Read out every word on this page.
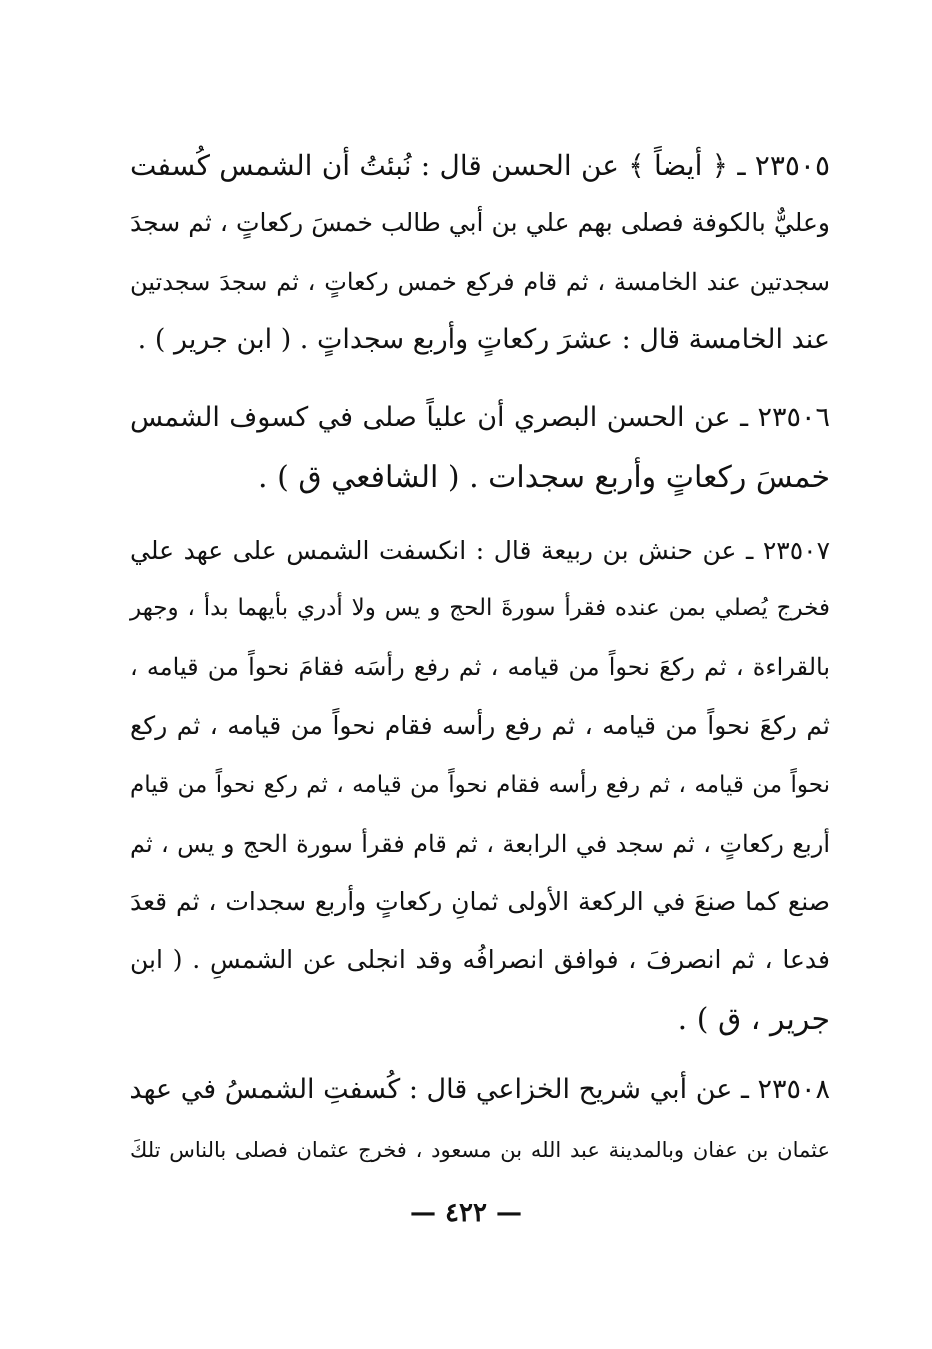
٢٣٥٠٥ ـ ﴿ أيضاً ﴾ عن الحسن قال : نُبئتُ أن الشمس كُسفت
وعليٌّ بالكوفة فصلى بهم علي بن أبي طالب خمسَ ركعاتٍ ، ثم سجدَ
سجدتين عند الخامسة ، ثم قام فركع خمس ركعاتٍ ، ثم سجدَ سجدتين
عند الخامسة قال : عشرَ ركعاتٍ وأربع سجداتٍ . ( ابن جرير ) .
٢٣٥٠٦ ـ عن الحسن البصري أن علياً صلى في كسوف الشمس
خمسَ ركعاتٍ وأربع سجدات . ( الشافعي ق ) .
٢٣٥٠٧ ـ عن حنش بن ربيعة قال : انكسفت الشمس على عهد علي
فخرج يُصلي بمن عنده فقرأ سورةَ الحج و يس ولا أدري بأيهما بدأ ، وجهر
بالقراءة ، ثم ركعَ نحواً من قيامه ، ثم رفع رأسَه فقامَ نحواً من قيامه ،
ثم ركعَ نحواً من قيامه ، ثم رفع رأسه فقام نحواً من قيامه ، ثم ركع
نحواً من قيامه ، ثم رفع رأسه فقام نحواً من قيامه ، ثم ركع نحواً من قيام
أربع ركعاتٍ ، ثم سجد في الرابعة ، ثم قام فقرأ سورة الحج و يس ، ثم
صنع كما صنعَ في الركعة الأولى ثمانِ ركعاتٍ وأربع سجدات ، ثم قعدَ
فدعا ، ثم انصرفَ ، فوافق انصرافُه وقد انجلى عن الشمسِ . ( ابن
جرير ، ق ) .
٢٣٥٠٨ ـ عن أبي شريح الخزاعي قال : كُسفتِ الشمسُ في عهد
عثمان بن عفان وبالمدينة عبد الله بن مسعود ، فخرج عثمان فصلى بالناس تلكَ
— ٤٢٢ —
